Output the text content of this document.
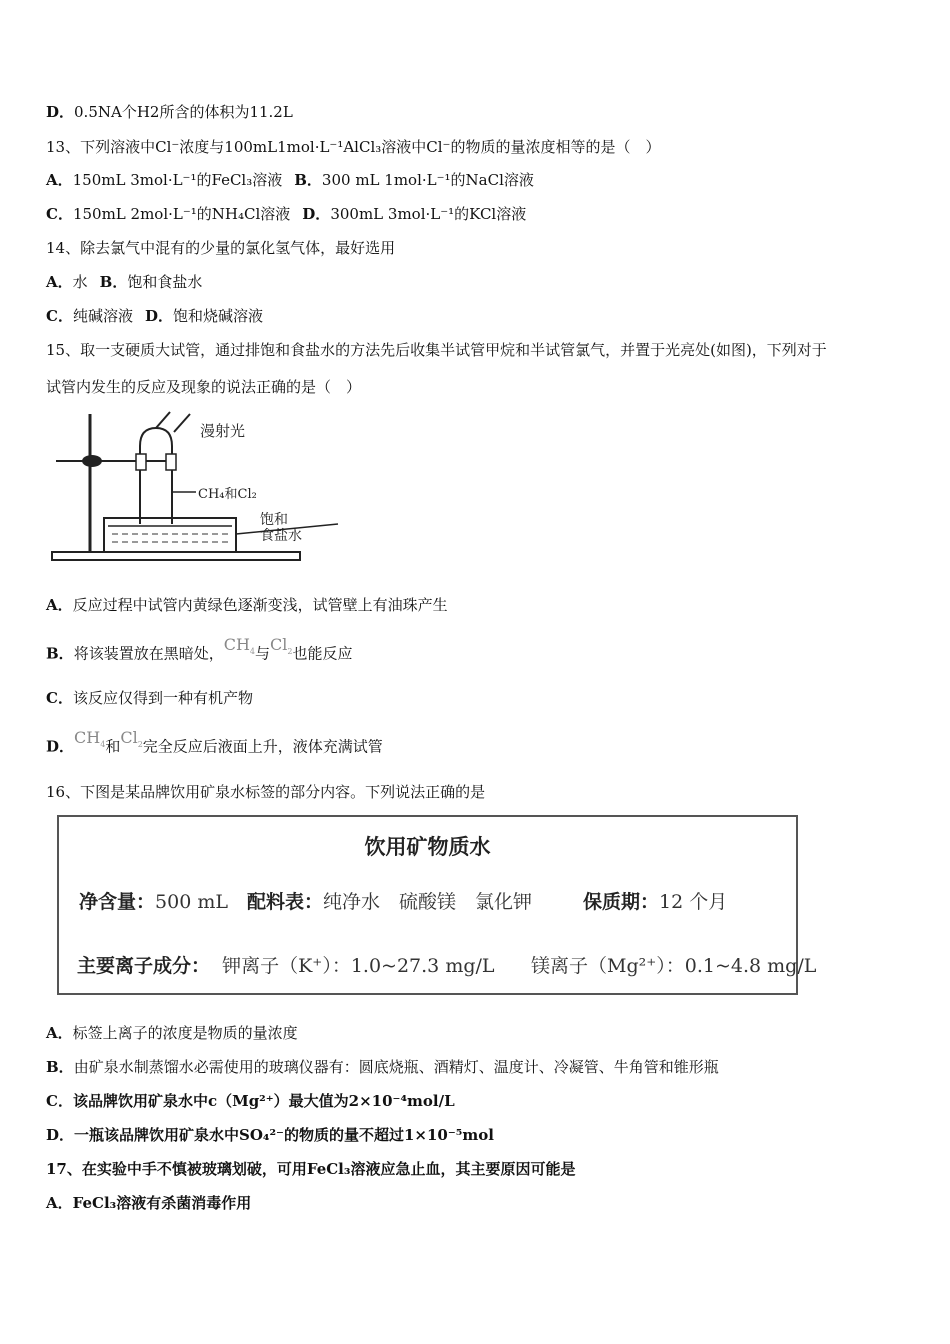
D．0.5NA个H2所含的体积为11.2L
13、下列溶液中Cl⁻浓度与100mL1mol·L⁻¹AlCl₃溶液中Cl⁻的物质的量浓度相等的是（　）
A．150mL 3mol·L⁻¹的FeCl₃溶液 B．300 mL 1mol·L⁻¹的NaCl溶液
C．150mL 2mol·L⁻¹的NH₄Cl溶液 D．300mL 3mol·L⁻¹的KCl溶液
14、除去氯气中混有的少量的氯化氢气体，最好选用
A．水 B．饱和食盐水
C．纯碱溶液 D．饱和烧碱溶液
15、取一支硬质大试管，通过排饱和食盐水的方法先后收集半试管甲烷和半试管氯气，并置于光亮处(如图)，下列对于
试管内发生的反应及现象的说法正确的是（　）
漫射光
CH₄和Cl₂
饱和
食盐水
A．反应过程中试管内黄绿色逐渐变浅，试管壁上有油珠产生
B．将该装置放在黑暗处，$CH_4$与$Cl_2$也能反应
C．该反应仅得到一种有机产物
D．$CH_4$和$Cl_2$完全反应后液面上升，液体充满试管
16、下图是某品牌饮用矿泉水标签的部分内容。下列说法正确的是
饮用矿物质水
净含量：500 mL 配料表：纯净水　硫酸镁　氯化钾	保质期：12 个月
主要离子成分： 钾离子（K⁺）：1.0~27.3 mg/L 镁离子（Mg²⁺）：0.1~4.8 mg/L
A．标签上离子的浓度是物质的量浓度
B．由矿泉水制蒸馏水必需使用的玻璃仪器有：圆底烧瓶、酒精灯、温度计、冷凝管、牛角管和锥形瓶
C．该品牌饮用矿泉水中c（Mg²⁺）最大值为2×10⁻⁴mol/L
D．一瓶该品牌饮用矿泉水中SO₄²⁻的物质的量不超过1×10⁻⁵mol
17、在实验中手不慎被玻璃划破，可用FeCl₃溶液应急止血，其主要原因可能是
A．FeCl₃溶液有杀菌消毒作用
